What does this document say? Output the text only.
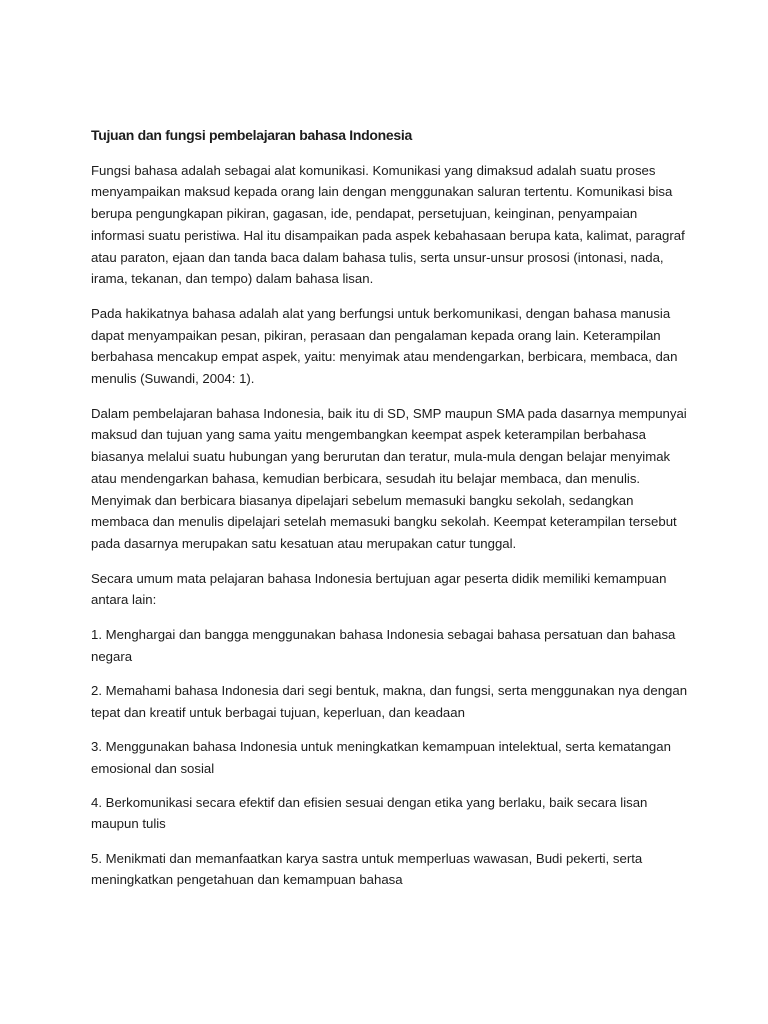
Tujuan dan fungsi pembelajaran bahasa Indonesia

Fungsi bahasa adalah sebagai alat komunikasi. Komunikasi yang dimaksud adalah suatu proses menyampaikan maksud kepada orang lain dengan menggunakan saluran tertentu. Komunikasi bisa berupa pengungkapan pikiran, gagasan, ide, pendapat, persetujuan, keinginan, penyampaian informasi suatu peristiwa. Hal itu disampaikan pada aspek kebahasaan berupa kata, kalimat, paragraf atau paraton, ejaan dan tanda baca dalam bahasa tulis, serta unsur-unsur prososi (intonasi, nada, irama, tekanan, dan tempo) dalam bahasa lisan.

Pada hakikatnya bahasa adalah alat yang berfungsi untuk berkomunikasi, dengan bahasa manusia dapat menyampaikan pesan, pikiran, perasaan dan pengalaman kepada orang lain. Keterampilan berbahasa mencakup empat aspek, yaitu: menyimak atau mendengarkan, berbicara, membaca, dan menulis (Suwandi, 2004: 1).

Dalam pembelajaran bahasa Indonesia, baik itu di SD, SMP maupun SMA pada dasarnya mempunyai maksud dan tujuan yang sama yaitu mengembangkan keempat aspek keterampilan berbahasa biasanya melalui suatu hubungan yang berurutan dan teratur, mula-mula dengan belajar menyimak atau mendengarkan bahasa, kemudian berbicara, sesudah itu belajar membaca, dan menulis. Menyimak dan berbicara biasanya dipelajari sebelum memasuki bangku sekolah, sedangkan membaca dan menulis dipelajari setelah memasuki bangku sekolah. Keempat keterampilan tersebut pada dasarnya merupakan satu kesatuan atau merupakan catur tunggal.

Secara umum mata pelajaran bahasa Indonesia bertujuan agar peserta didik memiliki kemampuan antara lain:

1. Menghargai dan bangga menggunakan bahasa Indonesia sebagai bahasa persatuan dan bahasa negara

2. Memahami bahasa Indonesia dari segi bentuk, makna, dan fungsi, serta menggunakan nya dengan tepat dan kreatif untuk berbagai tujuan, keperluan, dan keadaan

3. Menggunakan bahasa Indonesia untuk meningkatkan kemampuan intelektual, serta kematangan emosional dan sosial

4. Berkomunikasi secara efektif dan efisien sesuai dengan etika yang berlaku, baik secara lisan maupun tulis

5. Menikmati dan memanfaatkan karya sastra untuk memperluas wawasan, Budi pekerti, serta meningkatkan pengetahuan dan kemampuan bahasa
